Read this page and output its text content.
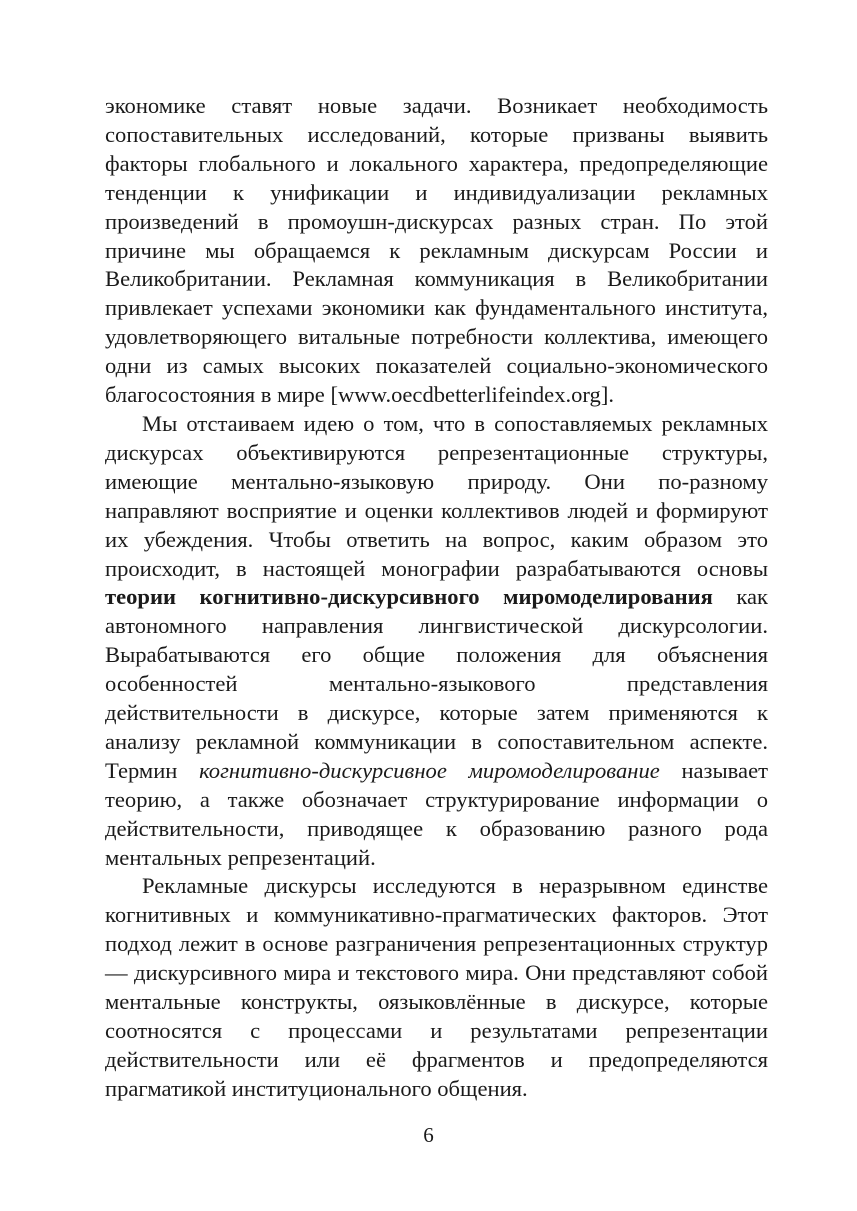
экономике ставят новые задачи. Возникает необходимость сопоставительных исследований, которые призваны выявить факторы глобального и локального характера, предопределяющие тенденции к унификации и индивидуализации рекламных произведений в промоушн-дискурсах разных стран. По этой причине мы обращаемся к рекламным дискурсам России и Великобритании. Рекламная коммуникация в Великобритании привлекает успехами экономики как фундаментального института, удовлетворяющего витальные потребности коллектива, имеющего одни из самых высоких показателей социально-экономического благосостояния в мире [www.oecdbetterlifeindex.org].

Мы отстаиваем идею о том, что в сопоставляемых рекламных дискурсах объективируются репрезентационные структуры, имеющие ментально-языковую природу. Они по-разному направляют восприятие и оценки коллективов людей и формируют их убеждения. Чтобы ответить на вопрос, каким образом это происходит, в настоящей монографии разрабатываются основы теории когнитивно-дискурсивного миромоделирования как автономного направления лингвистической дискурсологии. Вырабатываются его общие положения для объяснения особенностей ментально-языкового представления действительности в дискурсе, которые затем применяются к анализу рекламной коммуникации в сопоставительном аспекте. Термин когнитивно-дискурсивное миромоделирование называет теорию, а также обозначает структурирование информации о действительности, приводящее к образованию разного рода ментальных репрезентаций.

Рекламные дискурсы исследуются в неразрывном единстве когнитивных и коммуникативно-прагматических факторов. Этот подход лежит в основе разграничения репрезентационных структур — дискурсивного мира и текстового мира. Они представляют собой ментальные конструкты, оязыковлённые в дискурсе, которые соотносятся с процессами и результатами репрезентации действительности или её фрагментов и предопределяются прагматикой институционального общения.

6
